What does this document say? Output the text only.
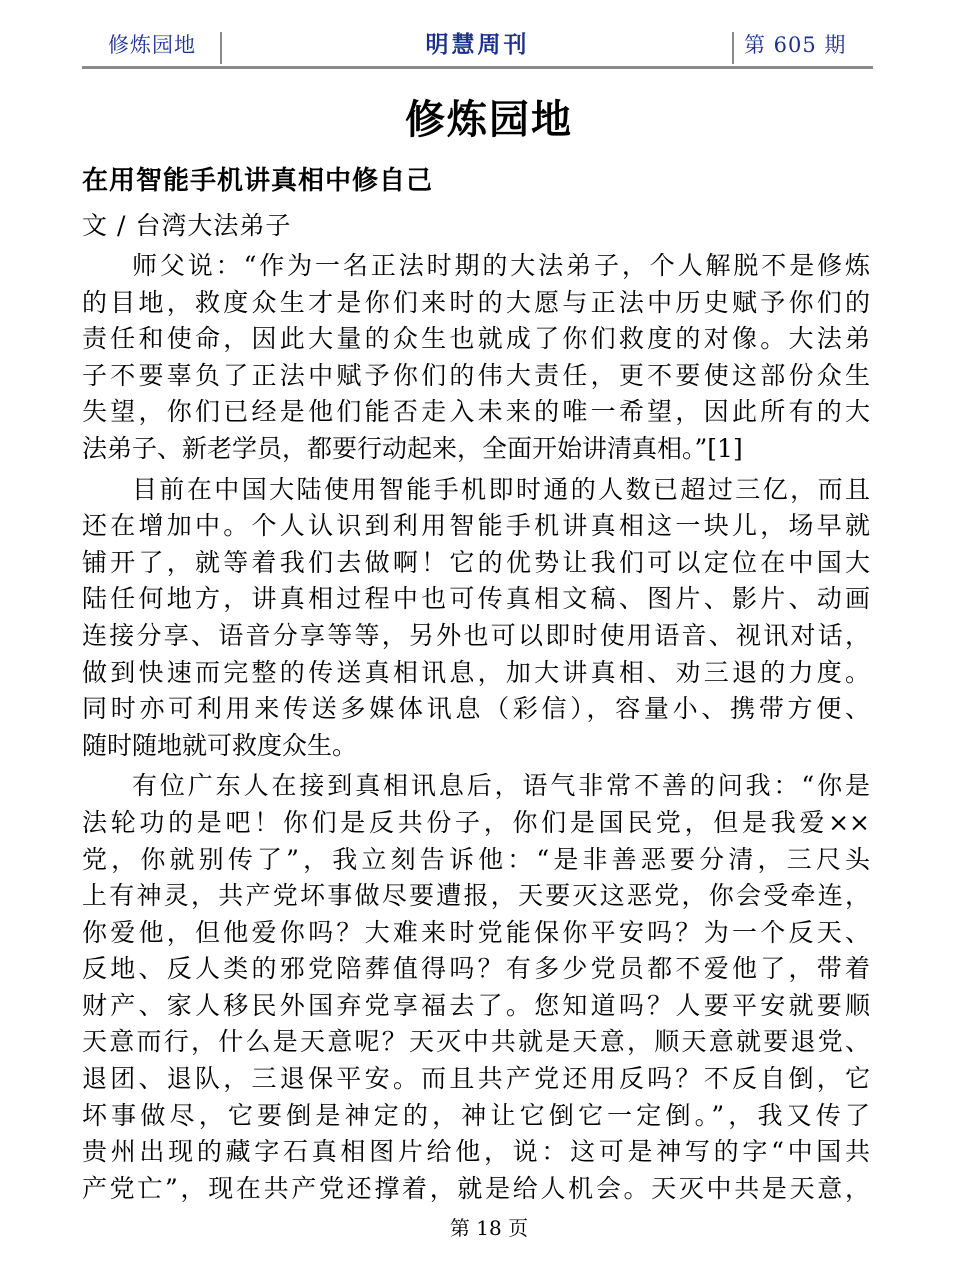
修炼园地	明慧周刊	第 605 期
修炼园地
在用智能手机讲真相中修自己
文 / 台湾大法弟子
师父说：“作为一名正法时期的大法弟子，个人解脱不是修炼
的目地，救度众生才是你们来时的大愿与正法中历史赋予你们的
责任和使命，因此大量的众生也就成了你们救度的对像。大法弟
子不要辜负了正法中赋予你们的伟大责任，更不要使这部份众生
失望，你们已经是他们能否走入未来的唯一希望，因此所有的大
法弟子、新老学员，都要行动起来，全面开始讲清真相。”[1]
目前在中国大陆使用智能手机即时通的人数已超过三亿，而且
还在增加中。个人认识到利用智能手机讲真相这一块儿，场早就
铺开了，就等着我们去做啊！它的优势让我们可以定位在中国大
陆任何地方，讲真相过程中也可传真相文稿、图片、影片、动画
连接分享、语音分享等等，另外也可以即时使用语音、视讯对话，
做到快速而完整的传送真相讯息，加大讲真相、劝三退的力度。
同时亦可利用来传送多媒体讯息（彩信），容量小、携带方便、
随时随地就可救度众生。
有位广东人在接到真相讯息后，语气非常不善的问我：“你是
法轮功的是吧！你们是反共份子，你们是国民党，但是我爱××
党，你就别传了”，我立刻告诉他：“是非善恶要分清，三尺头
上有神灵，共产党坏事做尽要遭报，天要灭这恶党，你会受牵连，
你爱他，但他爱你吗？大难来时党能保你平安吗？为一个反天、
反地、反人类的邪党陪葬值得吗？有多少党员都不爱他了，带着
财产、家人移民外国弃党享福去了。您知道吗？人要平安就要顺
天意而行，什么是天意呢？天灭中共就是天意，顺天意就要退党、
退团、退队，三退保平安。而且共产党还用反吗？不反自倒，它
坏事做尽，它要倒是神定的，神让它倒它一定倒。”，我又传了
贵州出现的藏字石真相图片给他，说：这可是神写的字“中国共
产党亡”，现在共产党还撑着，就是给人机会。天灭中共是天意，
第 18 页
